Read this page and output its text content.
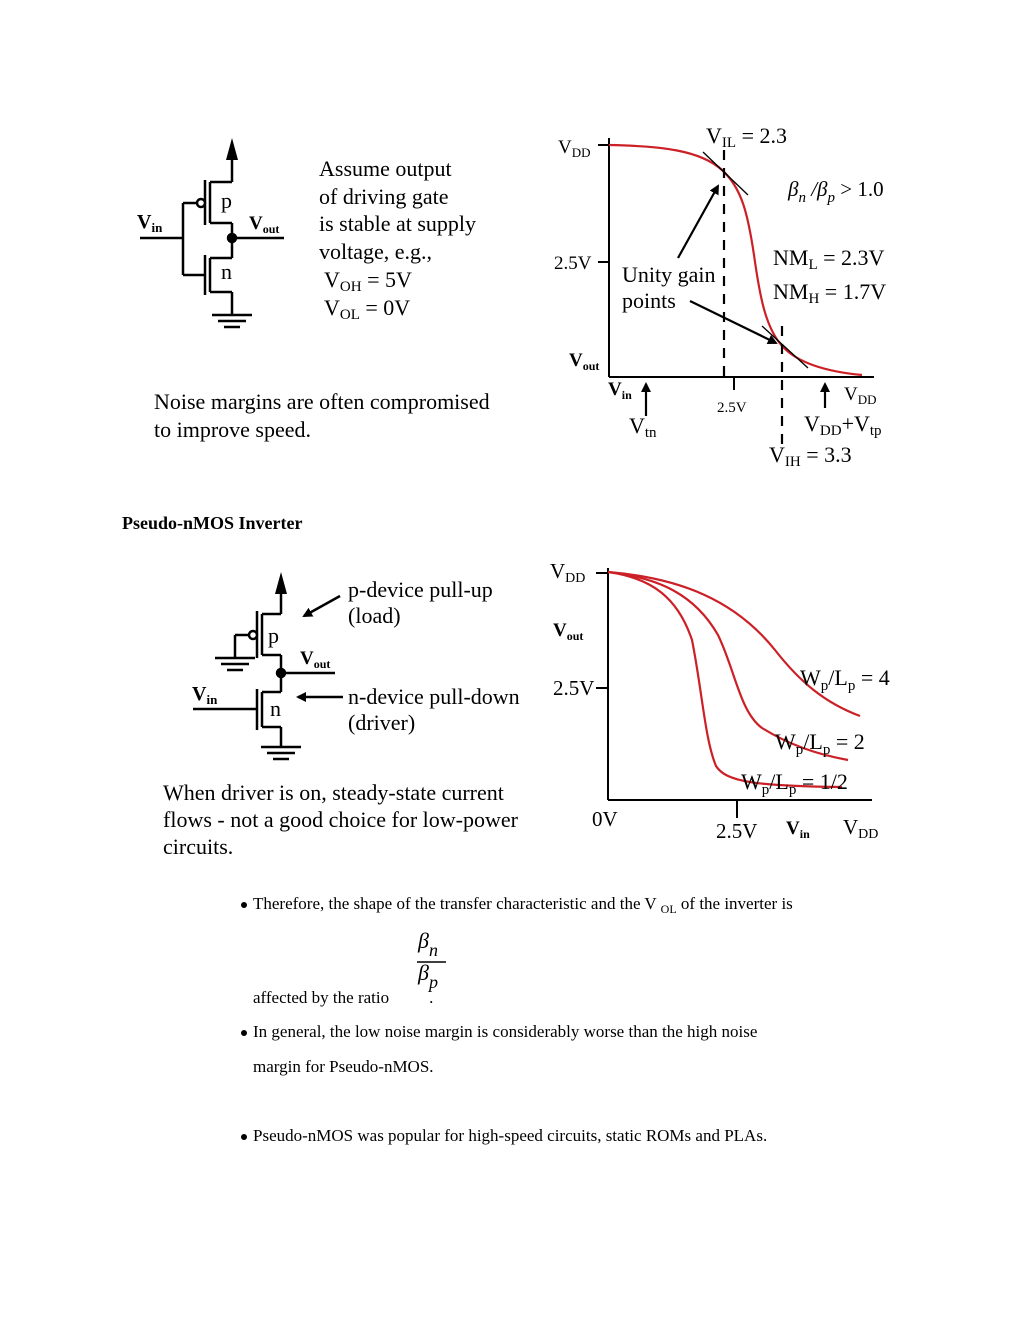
p
n
$V_{in}$	$V_{out}$
Assume output
of driving gate
is stable at supply
voltage, e.g.,
VOH = 5V
VOL = 0V
Noise margins are often compromised
to improve speed.
$V_{DD}$
VIL = 2.3
$\beta_n$ $/\beta_p > 1.0$
2.5V Unity gain
points
NML = 2.3V
NMH = 1.7V
$V_{out}$
$V_{in}$
Vtn
2.5V
$V_{DD}$
VDD+Vtp
VIH = 3.3
p
n
$V_{out}$
$V_{in}$
p-device pull-up
(load)
n-device pull-down
(driver)
When driver is on, steady-state current
flows - not a good choice for low-power
circuits.
VDD
$V_{out}$
2.5V
0V	2.5V $V_{in}$ VDD
$W_p/L_p = 4$
$W_p/L_p = 2$
$W_p/L_p = 1/2$
$\beta_n$
$\beta_p$
Pseudo-nMOS Inverter
Therefore, the shape of the transfer characteristic and the V $_{OL}$ of the inverter is
affected by the ratio .
In general, the low noise margin is considerably worse than the high noise
margin for Pseudo-nMOS.
Pseudo-nMOS was popular for high-speed circuits, static ROMs and PLAs.
